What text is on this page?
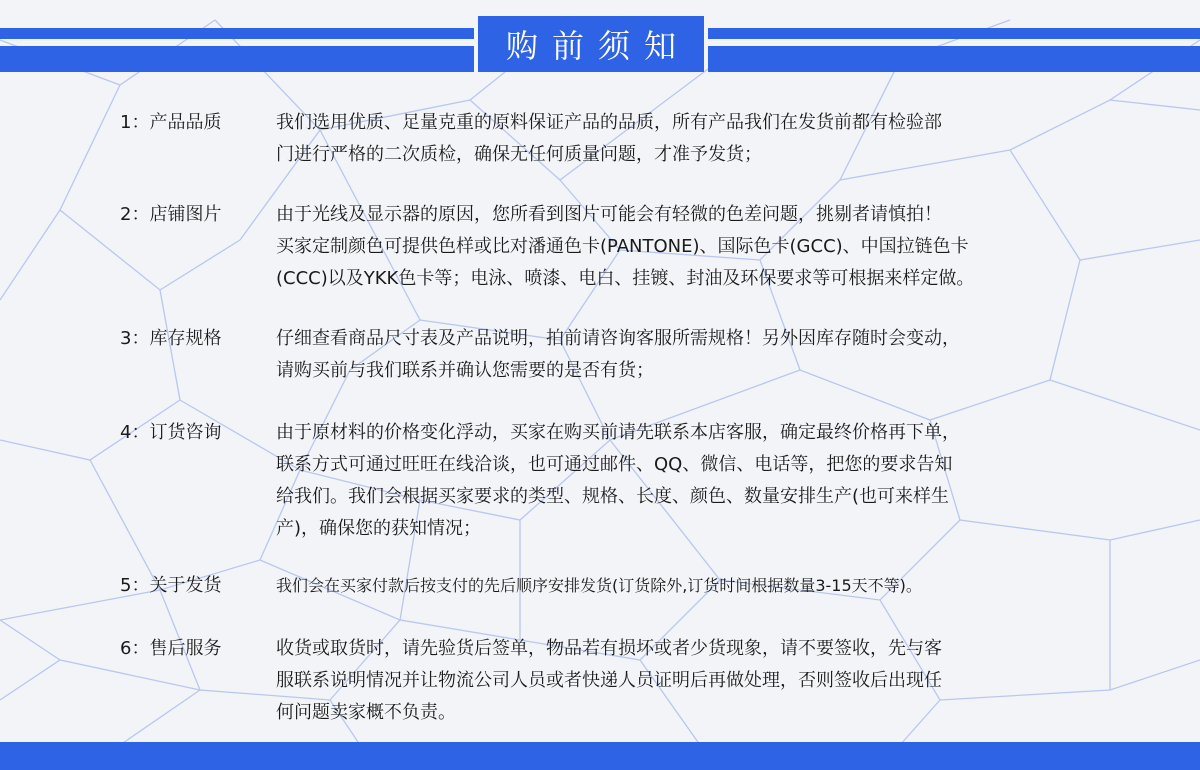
购前须知
1：产品品质	我们选用优质、足量克重的原料保证产品的品质，所有产品我们在发货前都有检验部
门进行严格的二次质检，确保无任何质量问题，才准予发货；
2：店铺图片	由于光线及显示器的原因，您所看到图片可能会有轻微的色差问题，挑剔者请慎拍！
买家定制颜色可提供色样或比对潘通色卡(PANTONE)、国际色卡(GCC)、中国拉链色卡
(CCC)以及YKK色卡等；电泳、喷漆、电白、挂镀、封油及环保要求等可根据来样定做。
3：库存规格	仔细查看商品尺寸表及产品说明，拍前请咨询客服所需规格！另外因库存随时会变动，
请购买前与我们联系并确认您需要的是否有货；
4：订货咨询	由于原材料的价格变化浮动，买家在购买前请先联系本店客服，确定最终价格再下单，
联系方式可通过旺旺在线洽谈，也可通过邮件、QQ、微信、电话等，把您的要求告知
给我们。我们会根据买家要求的类型、规格、长度、颜色、数量安排生产(也可来样生
产)，确保您的获知情况；
5：关于发货	我们会在买家付款后按支付的先后顺序安排发货(订货除外,订货时间根据数量3-15天不等)。
6：售后服务	收货或取货时，请先验货后签单，物品若有损坏或者少货现象，请不要签收，先与客
服联系说明情况并让物流公司人员或者快递人员证明后再做处理，否则签收后出现任
何问题卖家概不负责。
